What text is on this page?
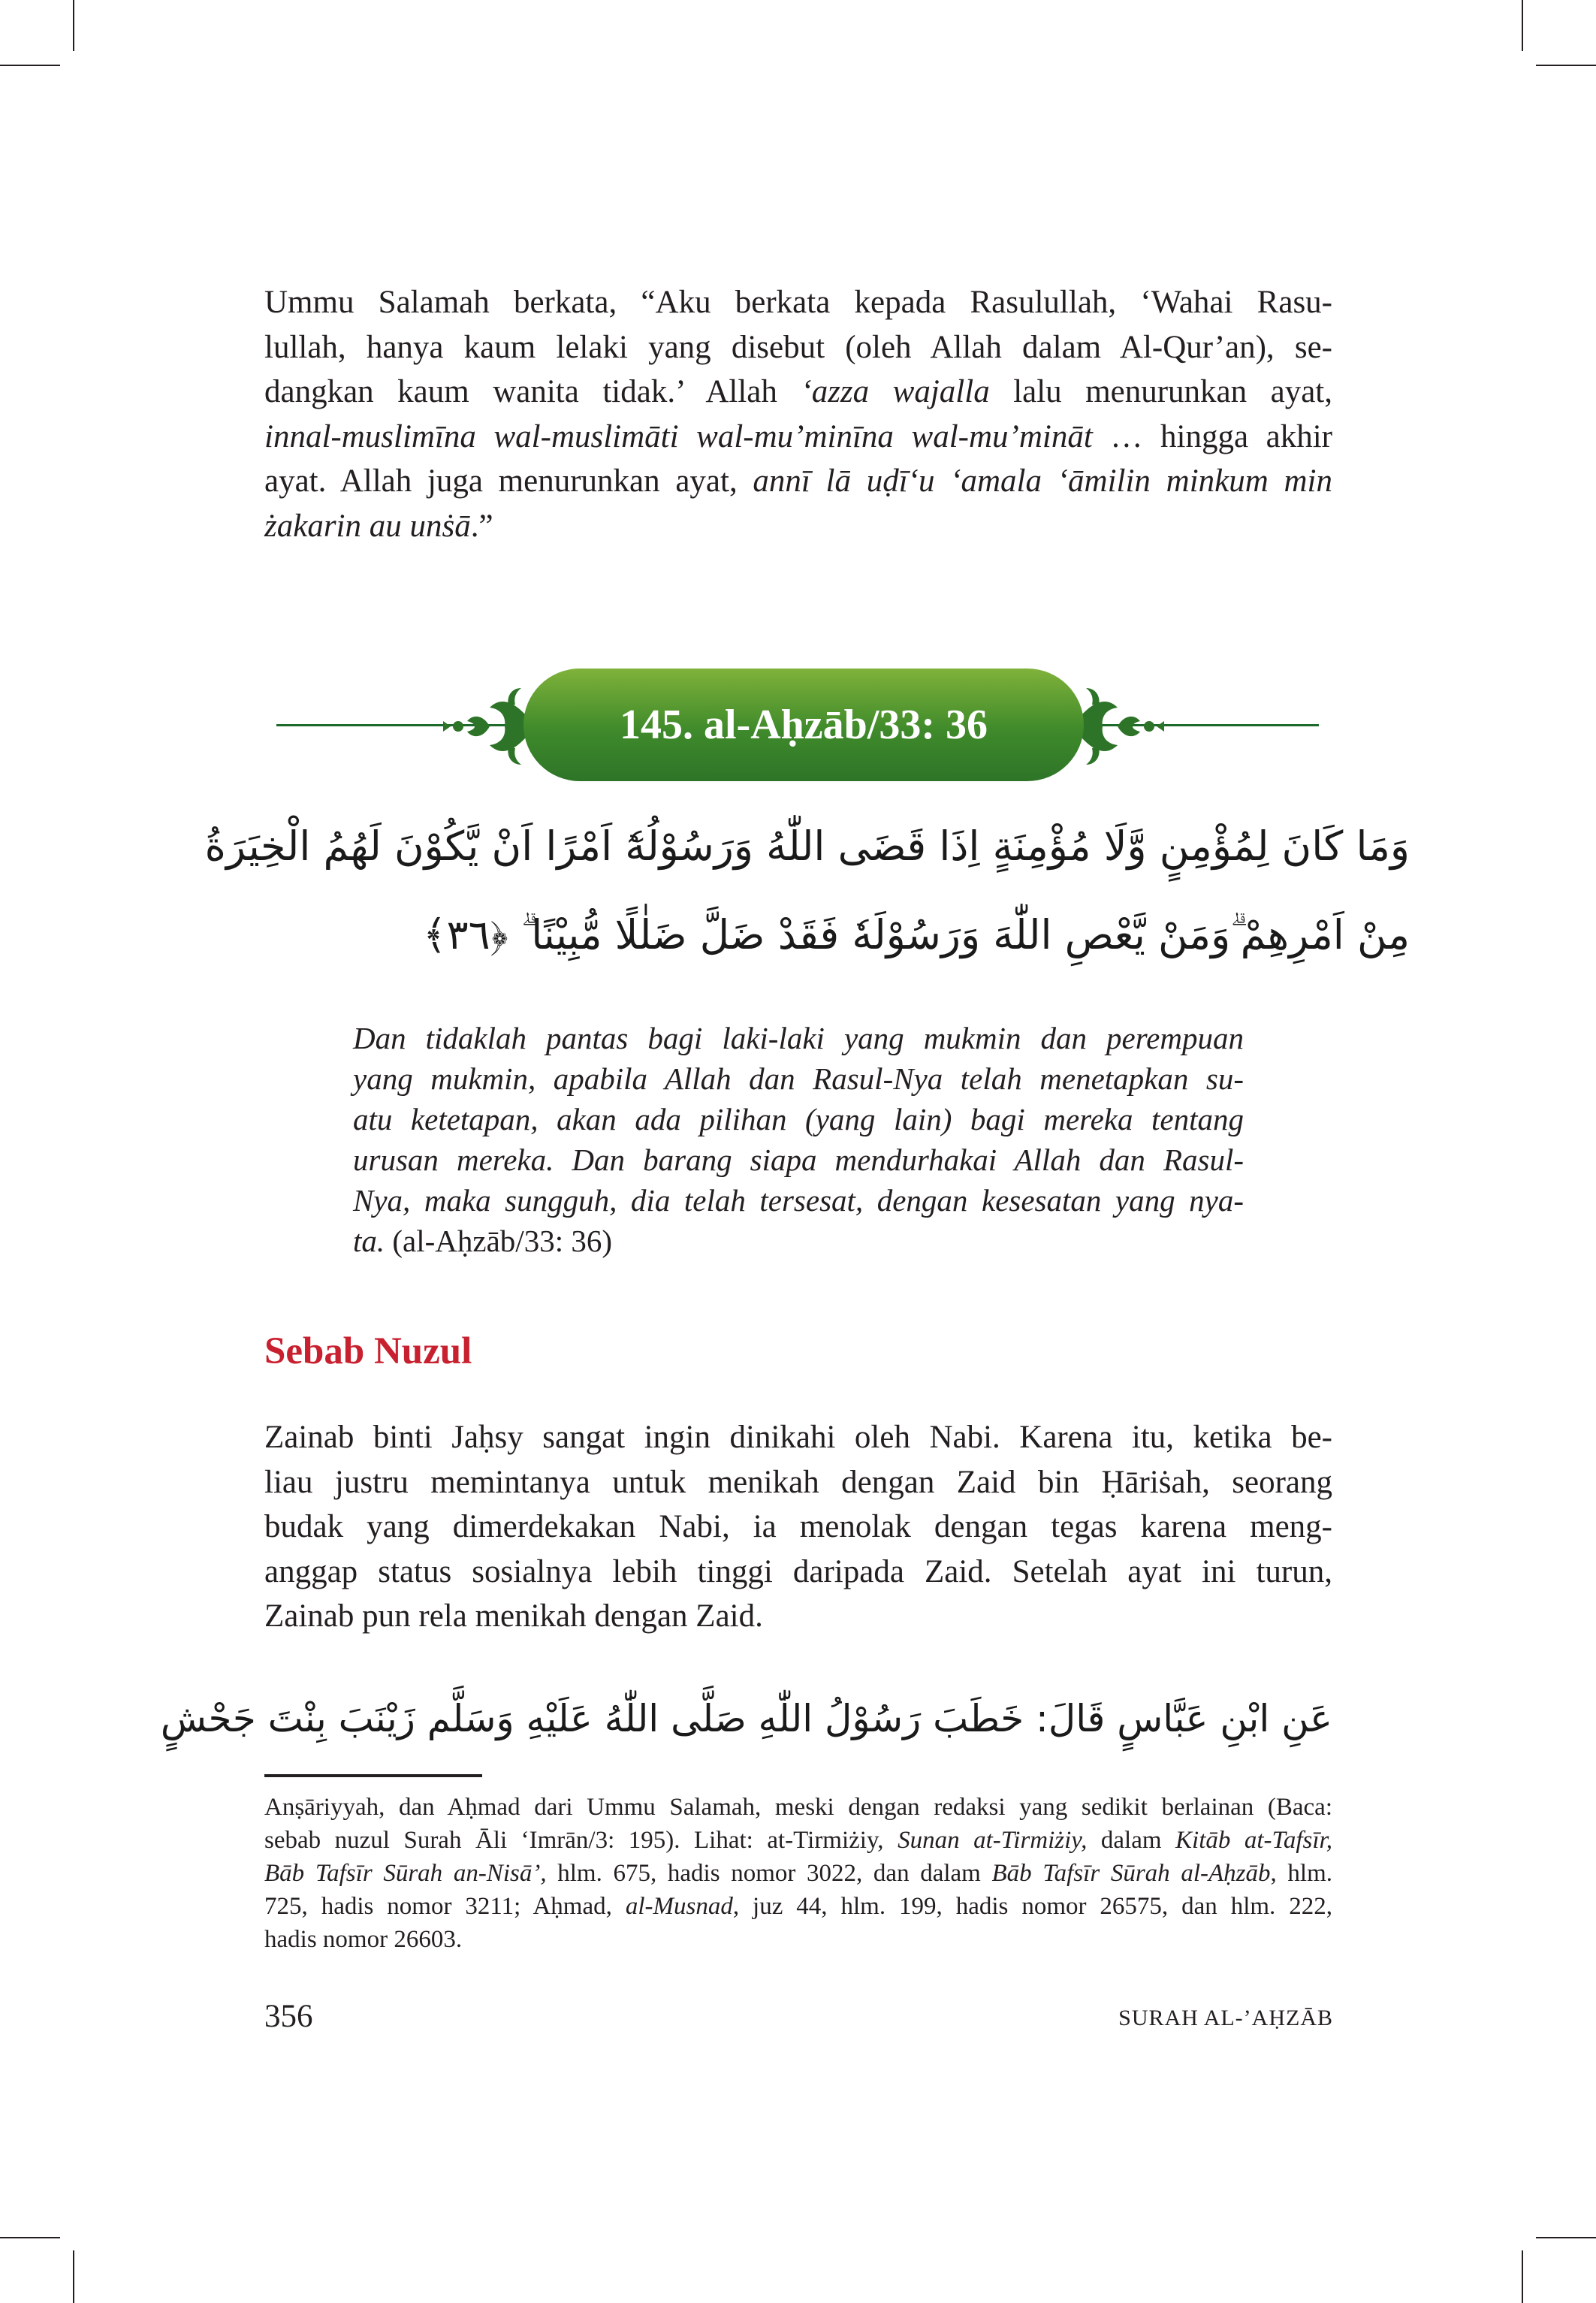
Ummu Salamah berkata, “Aku berkata kepada Rasulullah, ‘Wahai Rasu-
lullah, hanya kaum lelaki yang disebut (oleh Allah dalam Al-Qur’an), se-
dangkan kaum wanita tidak.’ Allah ‘azza wajalla lalu menurunkan ayat,
innal-muslimīna wal-muslimāti wal-mu’minīna wal-mu’mināt … hingga akhir
ayat. Allah juga menurunkan ayat, annī lā uḍī‘u ‘amala ‘āmilin minkum min
żakarin au unṡā.”
145. al-Aḥzāb/33: 36
وَمَا كَانَ لِمُؤْمِنٍ وَّلَا مُؤْمِنَةٍ اِذَا قَضَى اللّٰهُ وَرَسُوْلُهٗٓ اَمْرًا اَنْ يَّكُوْنَ لَهُمُ الْخِيَرَةُ
مِنْ اَمْرِهِمْ ۗوَمَنْ يَّعْصِ اللّٰهَ وَرَسُوْلَهٗ فَقَدْ ضَلَّ ضَلٰلًا مُّبِيْنًا ۗ ﴿٣٦﴾
Dan tidaklah pantas bagi laki-laki yang mukmin dan perempuan
yang mukmin, apabila Allah dan Rasul-Nya telah menetapkan su-
atu ketetapan, akan ada pilihan (yang lain) bagi mereka tentang
urusan mereka. Dan barang siapa mendurhakai Allah dan Rasul-
Nya, maka sungguh, dia telah tersesat, dengan kesesatan yang nya-
ta. (al-Aḥzāb/33: 36)
Sebab Nuzul
Zainab binti Jaḥsy sangat ingin dinikahi oleh Nabi. Karena itu, ketika be-
liau justru memintanya untuk menikah dengan Zaid bin Ḥāriṡah, seorang
budak yang dimerdekakan Nabi, ia menolak dengan tegas karena meng-
anggap status sosialnya lebih tinggi daripada Zaid. Setelah ayat ini turun,
Zainab pun rela menikah dengan Zaid.
عَنِ ابْنِ عَبَّاسٍ قَالَ: خَطَبَ رَسُوْلُ اللّٰهِ صَلَّى اللّٰهُ عَلَيْهِ وَسَلَّم زَيْنَبَ بِنْتَ جَحْشٍ
Anṣāriyyah, dan Aḥmad dari Ummu Salamah, meski dengan redaksi yang sedikit berlainan (Baca:
sebab nuzul Surah Āli ‘Imrān/3: 195). Lihat: at-Tirmiżiy, Sunan at-Tirmiżiy, dalam Kitāb at-Tafsīr,
Bāb Tafsīr Sūrah an-Nisā’, hlm. 675, hadis nomor 3022, dan dalam Bāb Tafsīr Sūrah al-Aḥzāb, hlm.
725, hadis nomor 3211; Aḥmad, al-Musnad, juz 44, hlm. 199, hadis nomor 26575, dan hlm. 222,
hadis nomor 26603.
356	SURAH AL-’AḤZĀB
